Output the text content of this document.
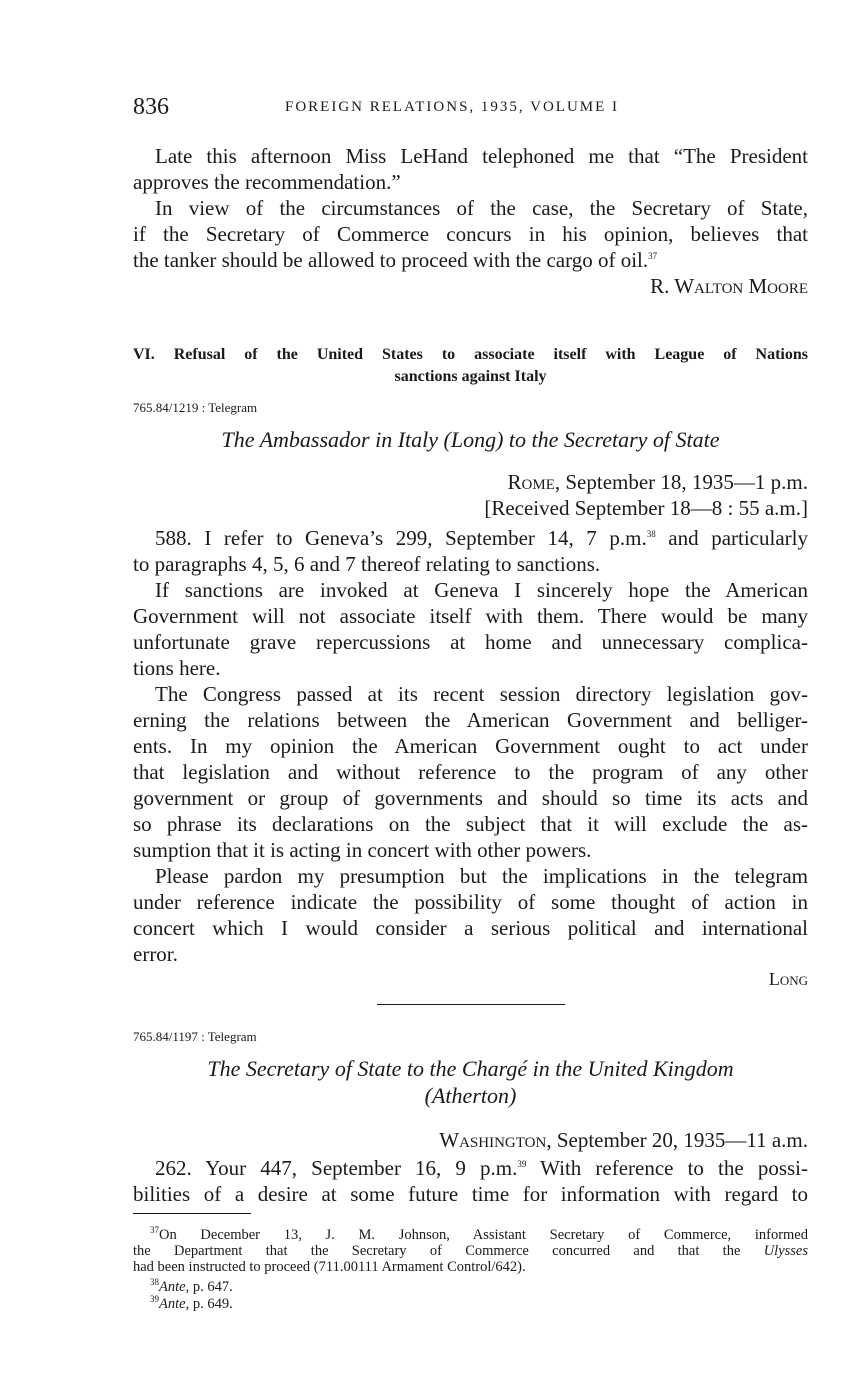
836	FOREIGN RELATIONS, 1935, VOLUME I
Late this afternoon Miss LeHand telephoned me that “The President
approves the recommendation.”
In view of the circumstances of the case, the Secretary of State,
if the Secretary of Commerce concurs in his opinion, believes that
the tanker should be allowed to proceed with the cargo of oil.$^{37}$
R. Walton Moore
VI. Refusal of the United States to associate itself with League of Nations
sanctions against Italy
765.84/1219 : Telegram
The Ambassador in Italy (Long) to the Secretary of State
Rome, September 18, 1935—1 p.m.
[Received September 18—8 : 55 a.m.]
588. I refer to Geneva’s 299, September 14, 7 p.m.$^{38}$ and particularly
to paragraphs 4, 5, 6 and 7 thereof relating to sanctions.
If sanctions are invoked at Geneva I sincerely hope the American
Government will not associate itself with them. There would be many
unfortunate grave repercussions at home and unnecessary complica-
tions here.
The Congress passed at its recent session directory legislation gov-
erning the relations between the American Government and belliger-
ents. In my opinion the American Government ought to act under
that legislation and without reference to the program of any other
government or group of governments and should so time its acts and
so phrase its declarations on the subject that it will exclude the as-
sumption that it is acting in concert with other powers.
Please pardon my presumption but the implications in the telegram
under reference indicate the possibility of some thought of action in
concert which I would consider a serious political and international
error.
Long
765.84/1197 : Telegram
The Secretary of State to the Chargé in the United Kingdom
(Atherton)
Washington, September 20, 1935—11 a.m.
262. Your 447, September 16, 9 p.m.$^{39}$ With reference to the possi-
bilities of a desire at some future time for information with regard to
$^{37}$On December 13, J. M. Johnson, Assistant Secretary of Commerce, informed
the Department that the Secretary of Commerce concurred and that the Ulysses
had been instructed to proceed (711.00111 Armament Control/642).
$^{38}$Ante, p. 647.
$^{39}$Ante, p. 649.
